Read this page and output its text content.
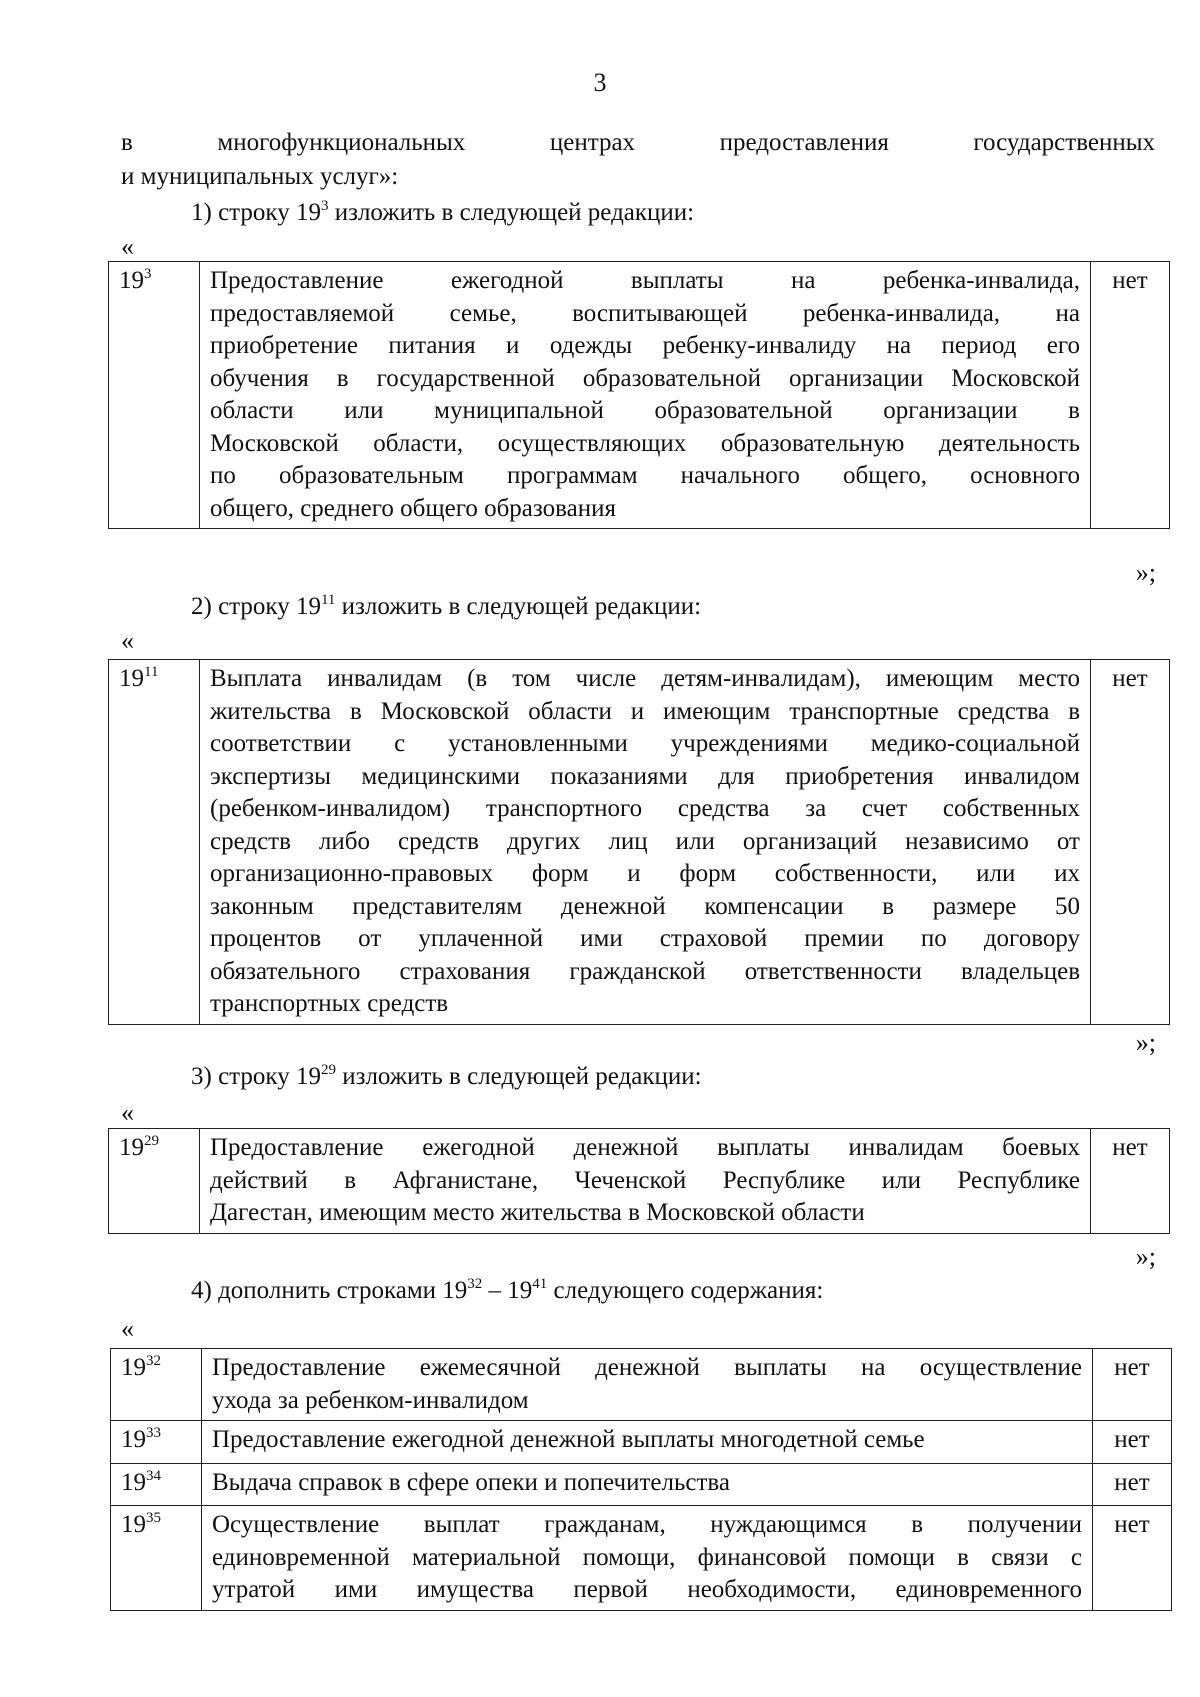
3
в	многофункциональных	центрах	предоставления	государственных
и муниципальных услуг»:
1) строку $19^3$ изложить в следующей редакции:
«
$19^3$	Предоставление ежегодной выплаты на ребенка-инвалида,
предоставляемой семье, воспитывающей ребенка-инвалида, на
приобретение питания и одежды ребенку-инвалиду на период его
обучения в государственной образовательной организации Московской
области или муниципальной образовательной организации в
Московской области, осуществляющих образовательную деятельность
по образовательным программам начального общего, основного
общего, среднего общего образования
	нет
»;
2) строку $19^{11}$ изложить в следующей редакции:
«
$19^{11}$	Выплата инвалидам (в том числе детям-инвалидам), имеющим место
жительства в Московской области и имеющим транспортные средства в
соответствии с установленными учреждениями медико-социальной
экспертизы медицинскими показаниями для приобретения инвалидом
(ребенком-инвалидом) транспортного средства за счет собственных
средств либо средств других лиц или организаций независимо от
организационно-правовых форм и форм собственности, или их
законным представителям денежной компенсации в размере 50
процентов от уплаченной ими страховой премии по договору
обязательного страхования гражданской ответственности владельцев
транспортных средств
	нет
»;
3) строку $19^{29}$ изложить в следующей редакции:
«
$19^{29}$	Предоставление ежегодной денежной выплаты инвалидам боевых
действий в Афганистане, Чеченской Республике или Республике
Дагестан, имеющим место жительства в Московской области
	нет
»;
4) дополнить строками $19^{32} - 19^{41}$ следующего содержания:
«
$19^{32}$	Предоставление ежемесячной денежной выплаты на осуществление
ухода за ребенком-инвалидом	нет
$19^{33}$	Предоставление ежегодной денежной выплаты многодетной семье	нет
$19^{34}$	Выдача справок в сфере опеки и попечительства	нет
$19^{35}$	Осуществление выплат гражданам, нуждающимся в получении
единовременной материальной помощи, финансовой помощи в связи с
утратой ими имущества первой необходимости, единовременного	нет
